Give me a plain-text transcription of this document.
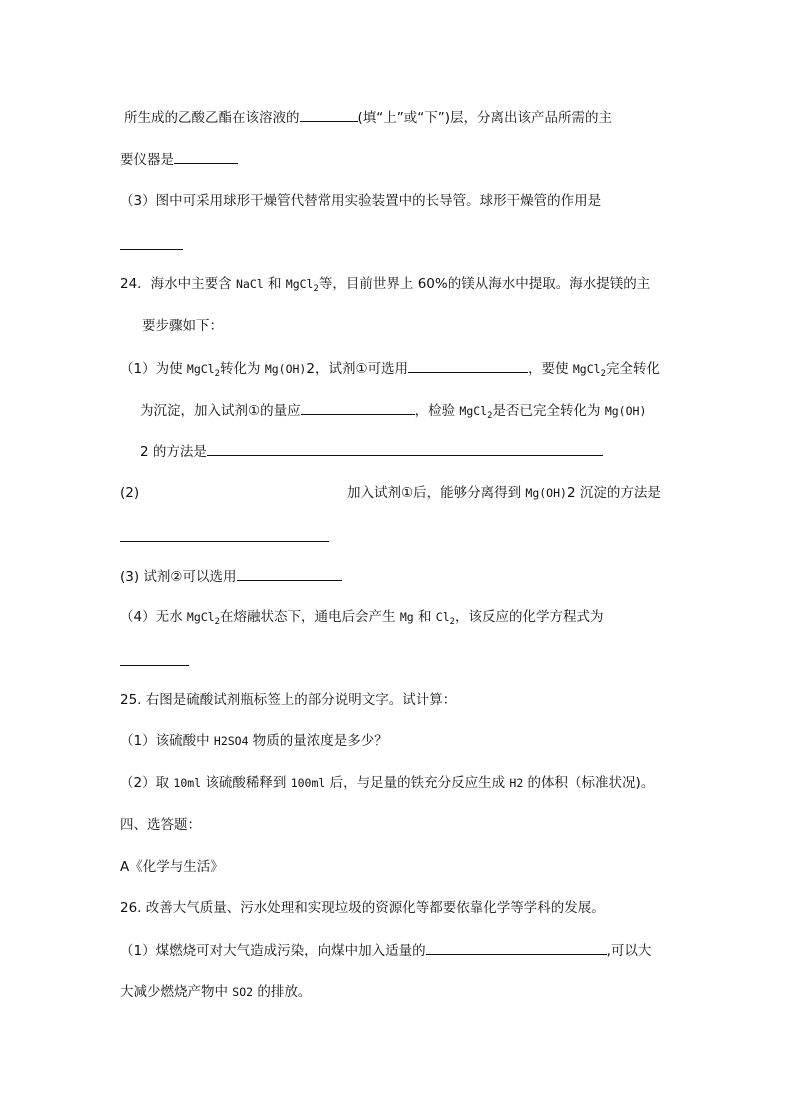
所生成的乙酸乙酯在该溶液的	(填“上”或“下”)层，分离出该产品所需的主
要仪器是
（3）图中可采用球形干燥管代替常用实验装置中的长导管。球形干燥管的作用是
24．海水中主要含 NaCl 和 MgCl$_2$等，目前世界上 60%的镁从海水中提取。海水提镁的主
要步骤如下：
（1）为使 MgCl$_2$转化为 Mg(OH)2，试剂①可选用	，要使 MgCl$_2$完全转化
为沉淀，加入试剂①的量应	，检验 MgCl$_2$是否已完全转化为 Mg(OH)
2 的方法是
(2)	加入试剂①后，能够分离得到 Mg(OH)2 沉淀的方法是
(3) 试剂②可以选用
（4）无水 MgCl$_2$在熔融状态下，通电后会产生 Mg 和 $Cl_2$，该反应的化学方程式为
25. 右图是硫酸试剂瓶标签上的部分说明文字。试计算：
（1）该硫酸中 H2SO4 物质的量浓度是多少？
（2）取 10ml 该硫酸稀释到 100ml 后，与足量的铁充分反应生成 H2 的体积（标准状况)。
四、选答题：
A《化学与生活》
26. 改善大气质量、污水处理和实现垃圾的资源化等都要依靠化学等学科的发展。
（1）煤燃烧可对大气造成污染，向煤中加入适量的	,可以大
大减少燃烧产物中 SO2 的排放。
